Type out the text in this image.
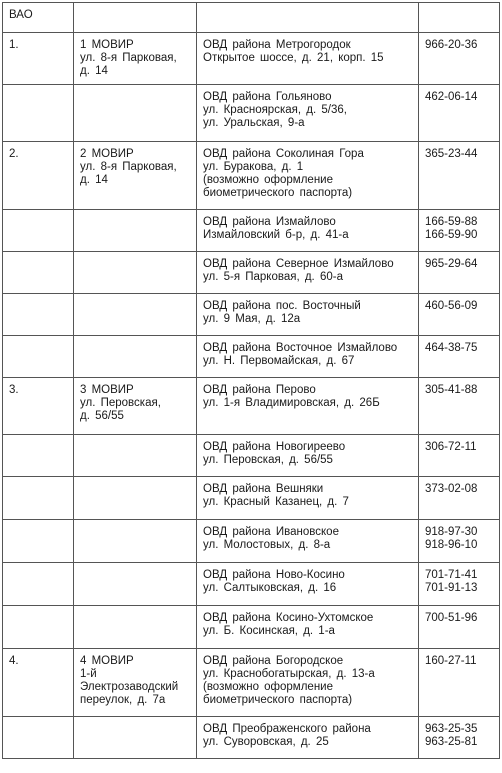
ВАО			
1.	1 МОВИР
ул. 8-я Парковая,
д. 14	ОВД района Метрогородок
Открытое шоссе, д. 21, корп. 15	966-20-36
		ОВД района Гольяново
ул. Красноярская, д. 5/36,
ул. Уральская, 9-а	462-06-14
2.	2 МОВИР
ул. 8-я Парковая,
д. 14	ОВД района Соколиная Гора
ул. Буракова, д. 1
(возможно оформление
биометрического паспорта)	365-23-44
		ОВД района Измайлово
Измайловский б-р, д. 41-а	166-59-88
166-59-90
		ОВД района Северное Измайлово
ул. 5-я Парковая, д. 60-а	965-29-64
		ОВД района пос. Восточный
ул. 9 Мая, д. 12а	460-56-09
		ОВД района Восточное Измайлово
ул. Н. Первомайская, д. 67	464-38-75
3.	3 МОВИР
ул. Перовская,
д. 56/55	ОВД района Перово
ул. 1-я Владимировская, д. 26Б	305-41-88
		ОВД района Новогиреево
ул. Перовская, д. 56/55	306-72-11
		ОВД района Вешняки
ул. Красный Казанец, д. 7	373-02-08
		ОВД района Ивановское
ул. Молостовых, д. 8-а	918-97-30
918-96-10
		ОВД района Ново-Косино
ул. Салтыковская, д. 16	701-71-41
701-91-13
		ОВД района Косино-Ухтомское
ул. Б. Косинская, д. 1-а	700-51-96
4.	4 МОВИР
1-й
Электрозаводский
переулок, д. 7а	ОВД района Богородское
ул. Краснобогатырская, д. 13-а
(возможно оформление
биометрического паспорта)	160-27-11
		ОВД Преображенского района
ул. Суворовская, д. 25	963-25-35
963-25-81
